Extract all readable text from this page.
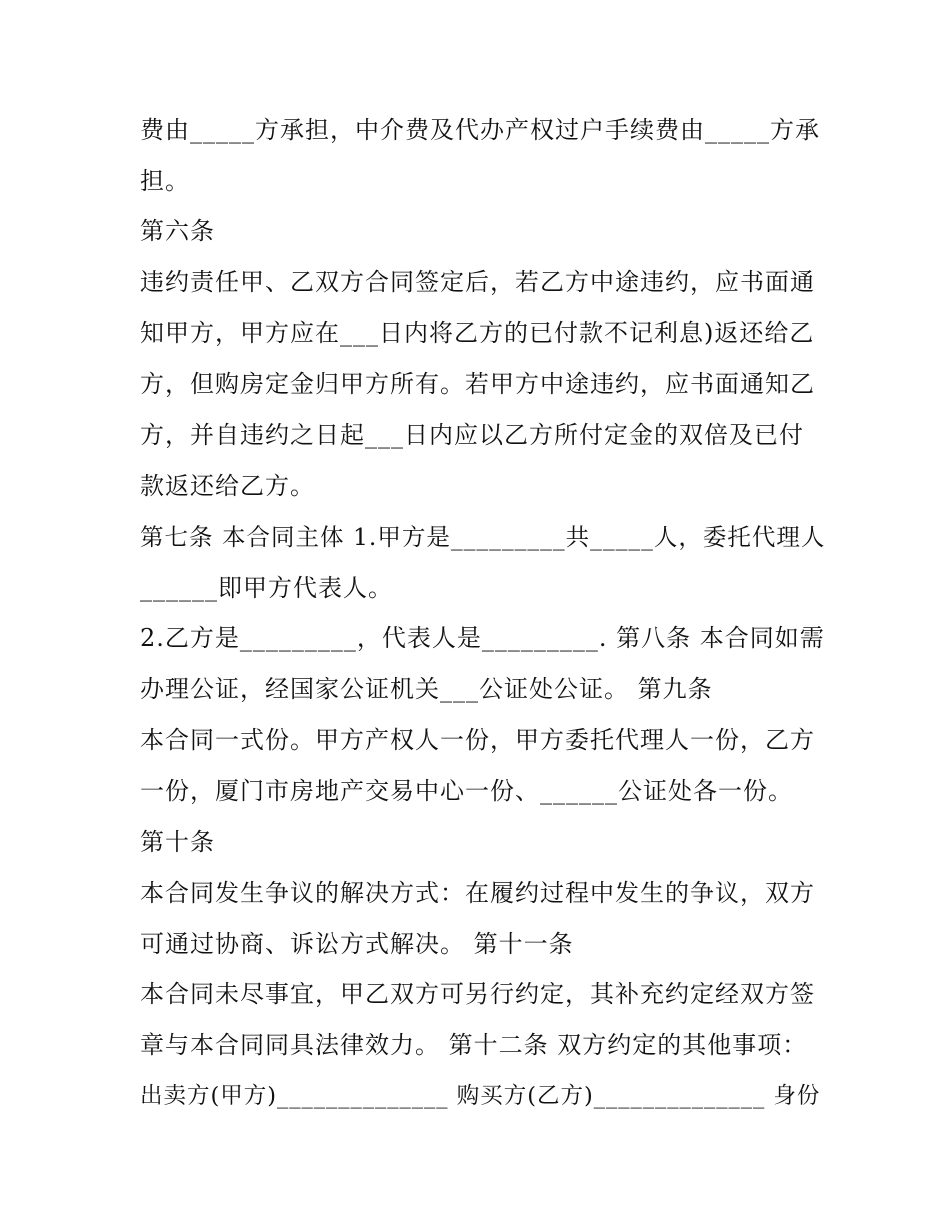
费由_____方承担，中介费及代办产权过户手续费由_____方承
担。
第六条
违约责任甲、乙双方合同签定后，若乙方中途违约，应书面通
知甲方，甲方应在___日内将乙方的已付款不记利息)返还给乙
方，但购房定金归甲方所有。若甲方中途违约，应书面通知乙
方，并自违约之日起___日内应以乙方所付定金的双倍及已付
款返还给乙方。
第七条 本合同主体 1.甲方是_________共_____人，委托代理人
______即甲方代表人。
2.乙方是_________，代表人是_________. 第八条 本合同如需
办理公证，经国家公证机关___公证处公证。 第九条
本合同一式份。甲方产权人一份，甲方委托代理人一份，乙方
一份，厦门市房地产交易中心一份、______公证处各一份。
第十条
本合同发生争议的解决方式：在履约过程中发生的争议，双方
可通过协商、诉讼方式解决。 第十一条
本合同未尽事宜，甲乙双方可另行约定，其补充约定经双方签
章与本合同同具法律效力。 第十二条 双方约定的其他事项：
出卖方(甲方)______________ 购买方(乙方)______________ 身份
